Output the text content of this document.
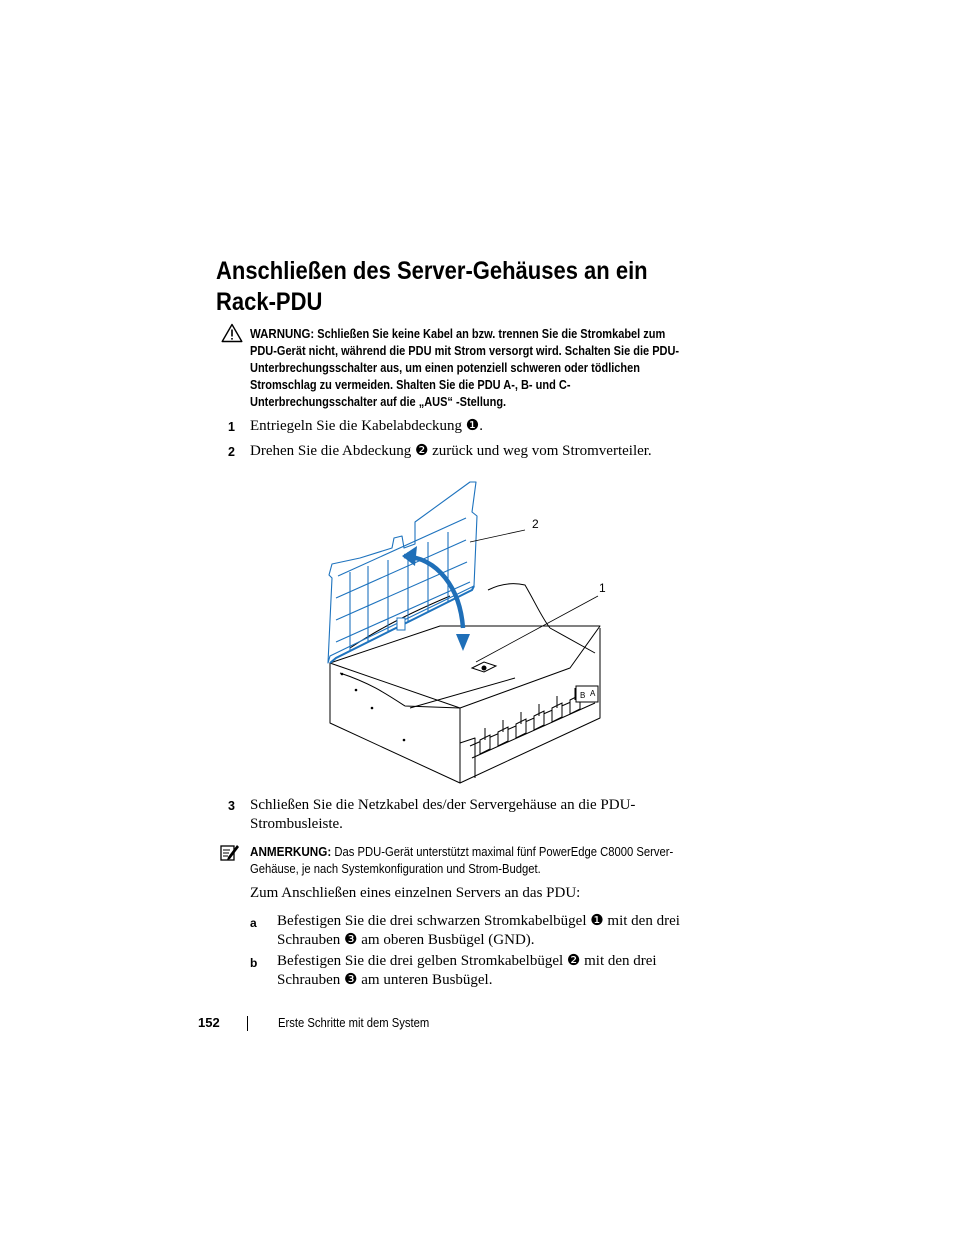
Anschließen des Server-Gehäuses an ein
Rack-PDU
WARNUNG: Schließen Sie keine Kabel an bzw. trennen Sie die Stromkabel zum PDU-Gerät nicht, während die PDU mit Strom versorgt wird. Schalten Sie die PDU-Unterbrechungsschalter aus, um einen potenziell schweren oder tödlichen Stromschlag zu vermeiden. Shalten Sie die PDU A-, B- und C-Unterbrechungsschalter auf die „AUS“ -Stellung.
1 Entriegeln Sie die Kabelabdeckung ❶.
2 Drehen Sie die Abdeckung ❷ zurück und weg vom Stromverteiler.
B A
2
1
3 Schließen Sie die Netzkabel des/der Servergehäuse an die PDU-Strombusleiste.
ANMERKUNG: Das PDU-Gerät unterstützt maximal fünf PowerEdge C8000 Server-Gehäuse, je nach Systemkonfiguration und Strom-Budget.
Zum Anschließen eines einzelnen Servers an das PDU:
a Befestigen Sie die drei schwarzen Stromkabelbügel ❶ mit den drei Schrauben ❸ am oberen Busbügel (GND).
b Befestigen Sie die drei gelben Stromkabelbügel ❷ mit den drei Schrauben ❸ am unteren Busbügel.
152	Erste Schritte mit dem System
